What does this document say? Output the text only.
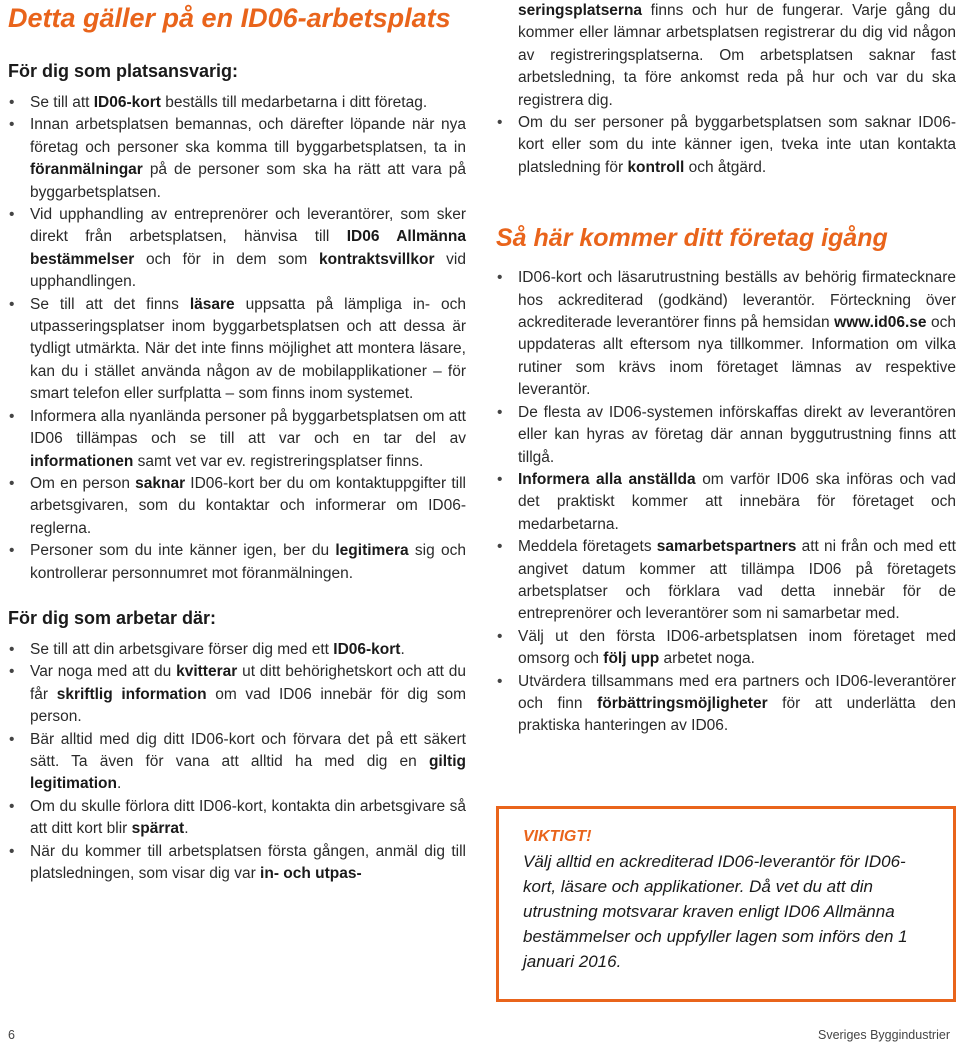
Detta gäller på en ID06-arbetsplats
För dig som platsansvarig:
• Se till att ID06-kort beställs till medarbetarna i ditt företag.
• Innan arbetsplatsen bemannas, och därefter löpande när nya företag och personer ska komma till byggarbetsplatsen, ta in föranmälningar på de personer som ska ha rätt att vara på byggarbetsplatsen.
• Vid upphandling av entreprenörer och leverantörer, som sker direkt från arbetsplatsen, hänvisa till ID06 Allmänna bestämmelser och för in dem som kontraktsvillkor vid upphandlingen.
• Se till att det finns läsare uppsatta på lämpliga in- och utpasseringsplatser inom byggarbetsplatsen och att dessa är tydligt utmärkta. När det inte finns möjlighet att montera läsare, kan du i stället använda någon av de mobilapplikationer – för smart telefon eller surfplatta – som finns inom systemet.
• Informera alla nyanlända personer på byggarbetsplatsen om att ID06 tillämpas och se till att var och en tar del av informationen samt vet var ev. registreringsplatser finns.
• Om en person saknar ID06-kort ber du om kontaktuppgifter till arbetsgivaren, som du kontaktar och informerar om ID06-reglerna.
• Personer som du inte känner igen, ber du legitimera sig och kontrollerar personnumret mot föranmälningen.
För dig som arbetar där:
• Se till att din arbetsgivare förser dig med ett ID06-kort.
• Var noga med att du kvitterar ut ditt behörighetskort och att du får skriftlig information om vad ID06 innebär för dig som person.
• Bär alltid med dig ditt ID06-kort och förvara det på ett säkert sätt. Ta även för vana att alltid ha med dig en giltig legitimation.
• Om du skulle förlora ditt ID06-kort, kontakta din arbetsgivare så att ditt kort blir spärrat.
• När du kommer till arbetsplatsen första gången, anmäl dig till platsledningen, som visar dig var in- och utpas-
seringsplatserna finns och hur de fungerar. Varje gång du kommer eller lämnar arbetsplatsen registrerar du dig vid någon av registreringsplatserna. Om arbetsplatsen saknar fast arbetsledning, ta före ankomst reda på hur och var du ska registrera dig.
• Om du ser personer på byggarbetsplatsen som saknar ID06-kort eller som du inte känner igen, tveka inte utan kontakta platsledning för kontroll och åtgärd.
Så här kommer ditt företag igång
• ID06-kort och läsarutrustning beställs av behörig firmatecknare hos ackrediterad (godkänd) leverantör. Förteckning över ackrediterade leverantörer finns på hemsidan www.id06.se och uppdateras allt eftersom nya tillkommer. Information om vilka rutiner som krävs inom företaget lämnas av respektive leverantör.
• De flesta av ID06-systemen införskaffas direkt av leverantören eller kan hyras av företag där annan byggutrustning finns att tillgå.
• Informera alla anställda om varför ID06 ska införas och vad det praktiskt kommer att innebära för företaget och medarbetarna.
• Meddela företagets samarbetspartners att ni från och med ett angivet datum kommer att tillämpa ID06 på företagets arbetsplatser och förklara vad detta innebär för de entreprenörer och leverantörer som ni samarbetar med.
• Välj ut den första ID06-arbetsplatsen inom företaget med omsorg och följ upp arbetet noga.
• Utvärdera tillsammans med era partners och ID06-leverantörer och finn förbättringsmöjligheter för att underlätta den praktiska hanteringen av ID06.

VIKTIGT!

Välj alltid en ackrediterad ID06-leverantör för ID06-kort, läsare och applikationer. Då vet du att din utrustning motsvarar kraven enligt ID06 Allmänna bestämmelser och uppfyller lagen som införs den 1 januari 2016.

6	Sveriges Byggindustrier
